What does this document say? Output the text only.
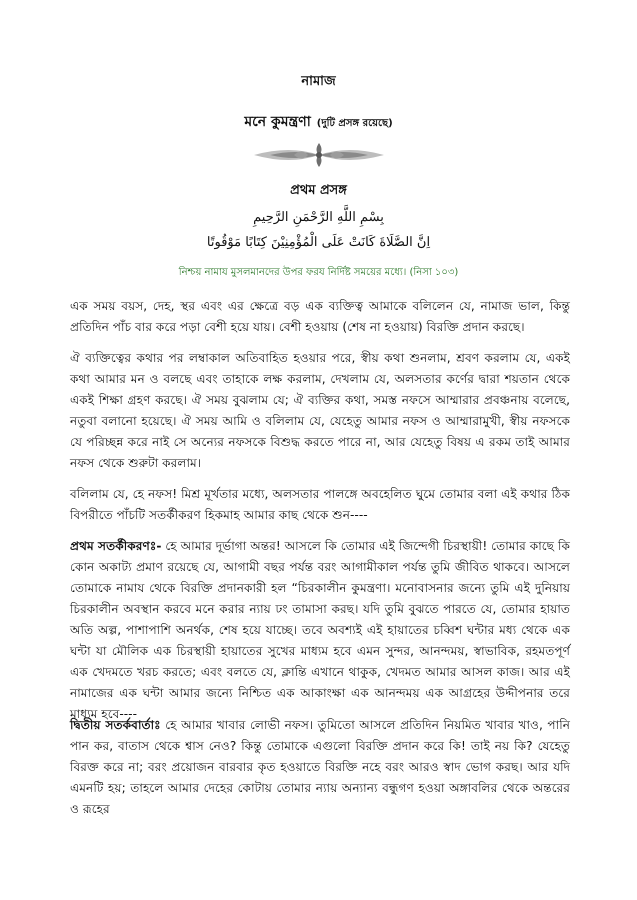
নামাজ
মনে কুমন্ত্রণা (দুটি প্রসঙ্গ রয়েছে)
প্রথম প্রসঙ্গ
بِسْمِ اللَّهِ الرَّحْمَنِ الرَّحِيمِ
اِنَّ الصَّلَاةَ كَانَتْ عَلَى الْمُؤْمِنِيْنَ كِتَابًا مَوْقُوتًا
নিশ্চয় নামায মুসলমানদের উপর ফরয নির্দিষ্ট সময়ের মধ্যে। (নিসা ১০৩)

এক সময় বয়স, দেহ, স্থর এবং এর ক্ষেত্রে বড় এক ব্যক্তিত্ব আমাকে বলিলেন যে, নামাজ ভাল, কিন্তু প্রতিদিন পাঁচ বার করে পড়া বেশী হয়ে যায়। বেশী হওয়ায় (শেষ না হওয়ায়) বিরক্তি প্রদান করছে।

ঐ ব্যক্তিত্বের কথার পর লম্বাকাল অতিবাহিত হওয়ার পরে, স্বীয় কথা শুনলাম, শ্রবণ করলাম যে, একই কথা আমার মন ও বলছে এবং তাহাকে লক্ষ করলাম, দেখলাম যে, অলসতার কর্ণের দ্বারা শয়তান থেকে একই শিক্ষা গ্রহণ করছে। ঐ সময় বুঝলাম যে; ঐ ব্যক্তির কথা, সমস্ত নফসে আম্মারার প্রবঞ্চনায় বলেছে, নতুবা বলানো হয়েছে। ঐ সময় আমি ও বলিলাম যে, যেহেতু আমার নফস ও আম্মারামুখী, স্বীয় নফসকে যে পরিচ্ছন্ন করে নাই সে অন্যের নফসকে বিশুদ্ধ করতে পারে না, আর যেহেতু বিষয় এ রকম তাই আমার নফস থেকে শুরুটা করলাম।

বলিলাম যে, হে নফস! মিশ্র মূর্খতার মধ্যে, অলসতার পালঙ্গে অবহেলিত ঘুমে তোমার বলা এই কথার ঠিক বিপরীতে পাঁচটি সতর্কীকরণ হিকমাহ আমার কাছ থেকে শুন----

প্রথম সতর্কীকরণঃ- হে আমার দূর্ভাগা অন্তর! আসলে কি তোমার এই জিন্দেগী চিরস্থায়ী! তোমার কাছে কি কোন অকাট্য প্রমাণ রয়েছে যে, আগামী বছর পর্যন্ত বরং আগামীকাল পর্যন্ত তুমি জীবিত থাকবে। আসলে তোমাকে নামায থেকে বিরক্তি প্রদানকারী হল “চিরকালীন কুমন্ত্রণা। মনোবাসনার জন্যে তুমি এই দুনিয়ায় চিরকালীন অবস্থান করবে মনে করার ন্যায় ঢং তামাসা করছ। যদি তুমি বুঝতে পারতে যে, তোমার হায়াত অতি অল্প, পাশাপাশি অনর্থক, শেষ হয়ে যাচ্ছে। তবে অবশ্যই এই হায়াতের চব্বিশ ঘন্টার মধ্য থেকে এক ঘন্টা যা মৌলিক এক চিরস্থায়ী হায়াতের সুখের মাধ্যম হবে এমন সুন্দর, আনন্দময়, স্বাভাবিক, রহমতপূর্ণ এক খেদমতে খরচ করতে; এবং বলতে যে, ক্লান্তি এখানে থাকুক, খেদমত আমার আসল কাজ। আর এই নামাজের এক ঘন্টা আমার জন্যে নিশ্চিত এক আকাংক্ষা এক আনন্দময় এক আগ্রহের উদ্দীপনার তরে মাধ্যম হবে----

দ্বিতীয় সতর্কবার্তাঃ হে আমার খাবার লোভী নফস। তুমিতো আসলে প্রতিদিন নিয়মিত খাবার খাও, পানি পান কর, বাতাস থেকে শ্বাস নেও? কিন্তু তোমাকে এগুলো বিরক্তি প্রদান করে কি! তাই নয় কি? যেহেতু বিরক্ত করে না; বরং প্রয়োজন বারবার কৃত হওয়াতে বিরক্তি নহে বরং আরও স্বাদ ভোগ করছ। আর যদি এমনটি হয়; তাহলে আমার দেহের কোটায় তোমার ন্যায় অন্যান্য বন্ধুগণ হওয়া অঙ্গাবলির থেকে অন্তরের ও রূহের
